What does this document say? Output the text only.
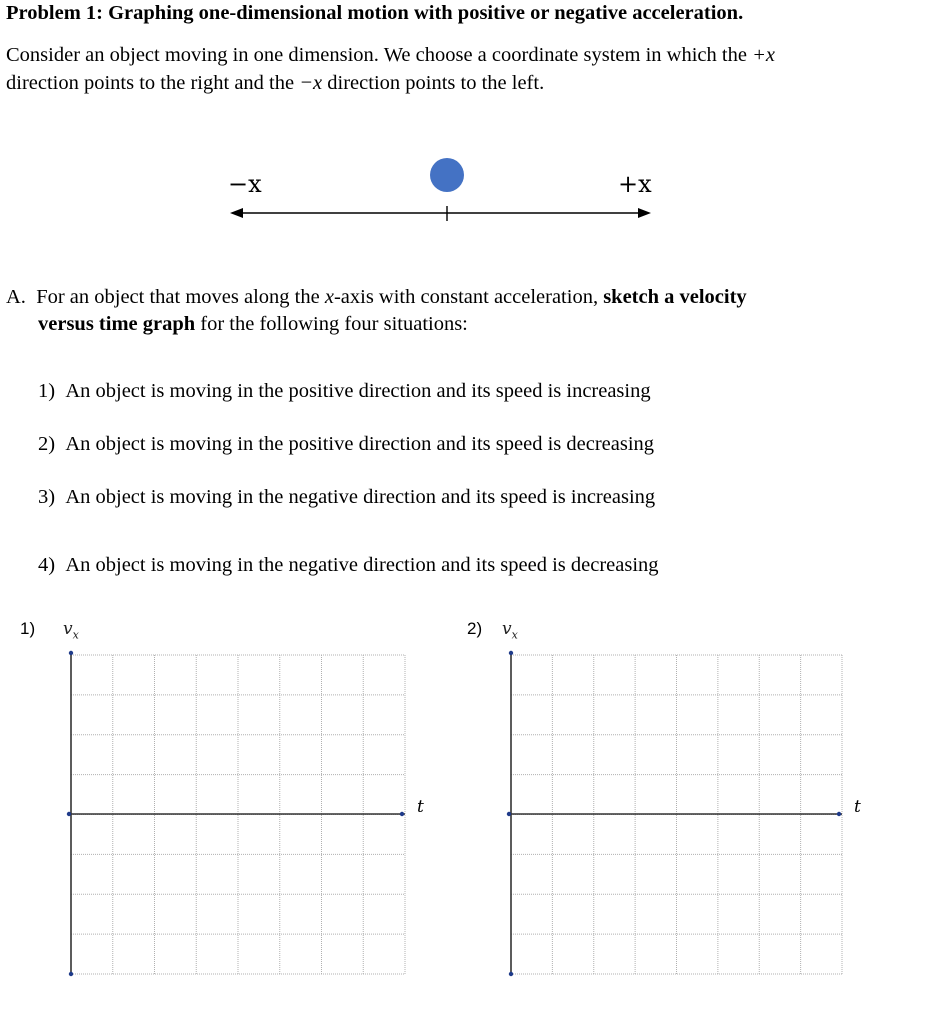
Problem 1: Graphing one-dimensional motion with positive or negative acceleration.
Consider an object moving in one dimension. We choose a coordinate system in which the +x
direction points to the right and the −x direction points to the left.
−x	+x
A. For an object that moves along the x-axis with constant acceleration, sketch a velocity
versus time graph for the following four situations:
1) An object is moving in the positive direction and its speed is increasing
2) An object is moving in the positive direction and its speed is decreasing
3) An object is moving in the negative direction and its speed is increasing
4) An object is moving in the negative direction and its speed is decreasing
1) $v_x$
t
2) $v_x$
t
